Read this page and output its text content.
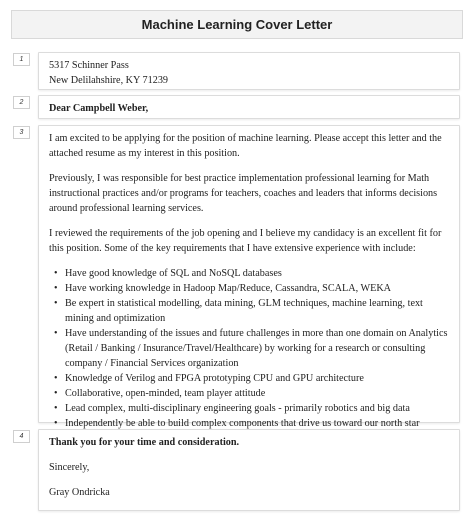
Machine Learning Cover Letter
1

5317 Schinner Pass

New Delilahshire, KY 71239

2

Dear Campbell Weber,

3

I am excited to be applying for the position of machine learning. Please accept this letter and the attached resume as my interest in this position.

Previously, I was responsible for best practice implementation professional learning for Math instructional practices and/or programs for teachers, coaches and leaders that informs decisions around professional learning services.

I reviewed the requirements of the job opening and I believe my candidacy is an excellent fit for this position. Some of the key requirements that I have extensive experience with include:

• Have good knowledge of SQL and NoSQL databases
• Have working knowledge in Hadoop Map/Reduce, Cassandra, SCALA, WEKA
• Be expert in statistical modelling, data mining, GLM techniques, machine learning, text mining and optimization
• Have understanding of the issues and future challenges in more than one domain on Analytics (Retail / Banking / Insurance/Travel/Healthcare) by working for a research or consulting company / Financial Services organization
• Knowledge of Verilog and FPGA prototyping CPU and GPU architecture
• Collaborative, open-minded, team player attitude
• Lead complex, multi-disciplinary engineering goals - primarily robotics and big data
• Independently be able to build complex components that drive us toward our north star
4

Thank you for your time and consideration.

Sincerely,

Gray Ondricka
